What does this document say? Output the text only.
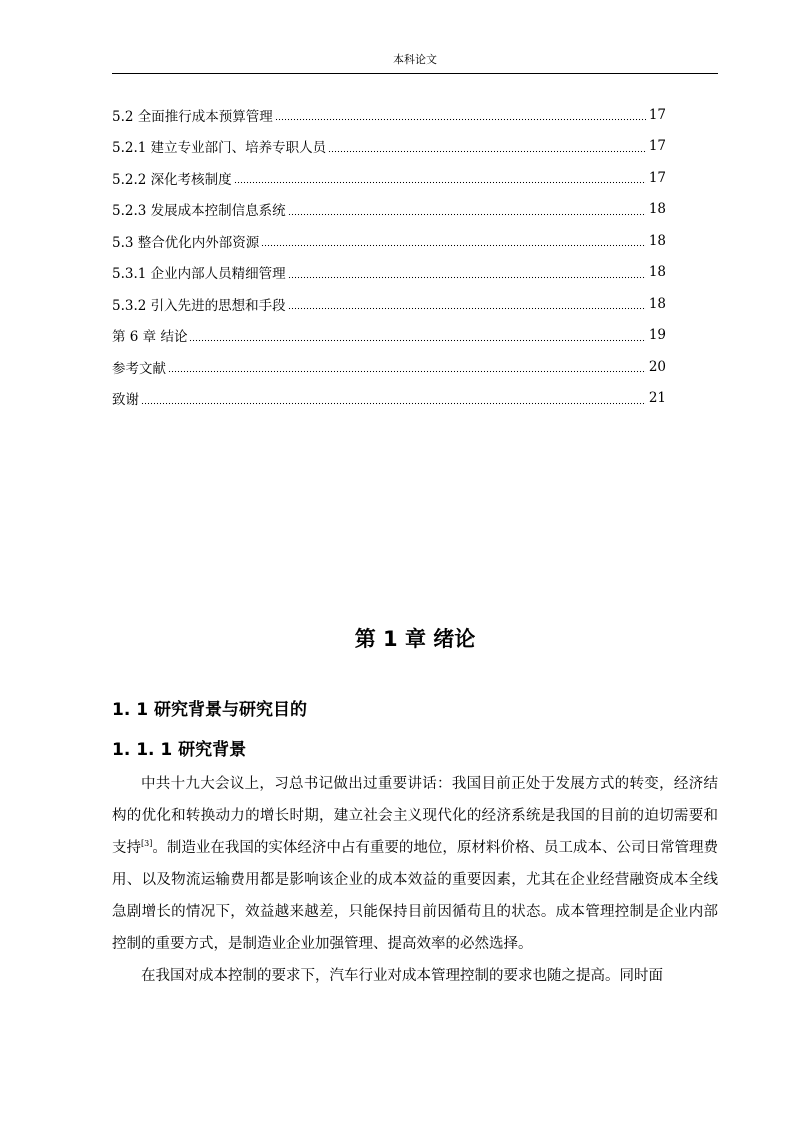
本科论文
5.2 全面推行成本预算管理	17
5.2.1 建立专业部门、培养专职人员	17
5.2.2 深化考核制度	17
5.2.3 发展成本控制信息系统	18
5.3 整合优化内外部资源	18
5.3.1 企业内部人员精细管理	18
5.3.2 引入先进的思想和手段	18
第 6 章 结论	19
参考文献	20
致谢	21
第 1 章 绪论
1. 1 研究背景与研究目的
1. 1. 1 研究背景

中共十九大会议上，习总书记做出过重要讲话：我国目前正处于发展方式的转变，经济结构的优化和转换动力的增长时期，建立社会主义现代化的经济系统是我国的目前的迫切需要和支持[3]。制造业在我国的实体经济中占有重要的地位，原材料价格、员工成本、公司日常管理费用、以及物流运输费用都是影响该企业的成本效益的重要因素，尤其在企业经营融资成本全线急剧增长的情况下，效益越来越差，只能保持目前因循苟且的状态。成本管理控制是企业内部控制的重要方式，是制造业企业加强管理、提高效率的必然选择。

在我国对成本控制的要求下，汽车行业对成本管理控制的要求也随之提高。同时面
